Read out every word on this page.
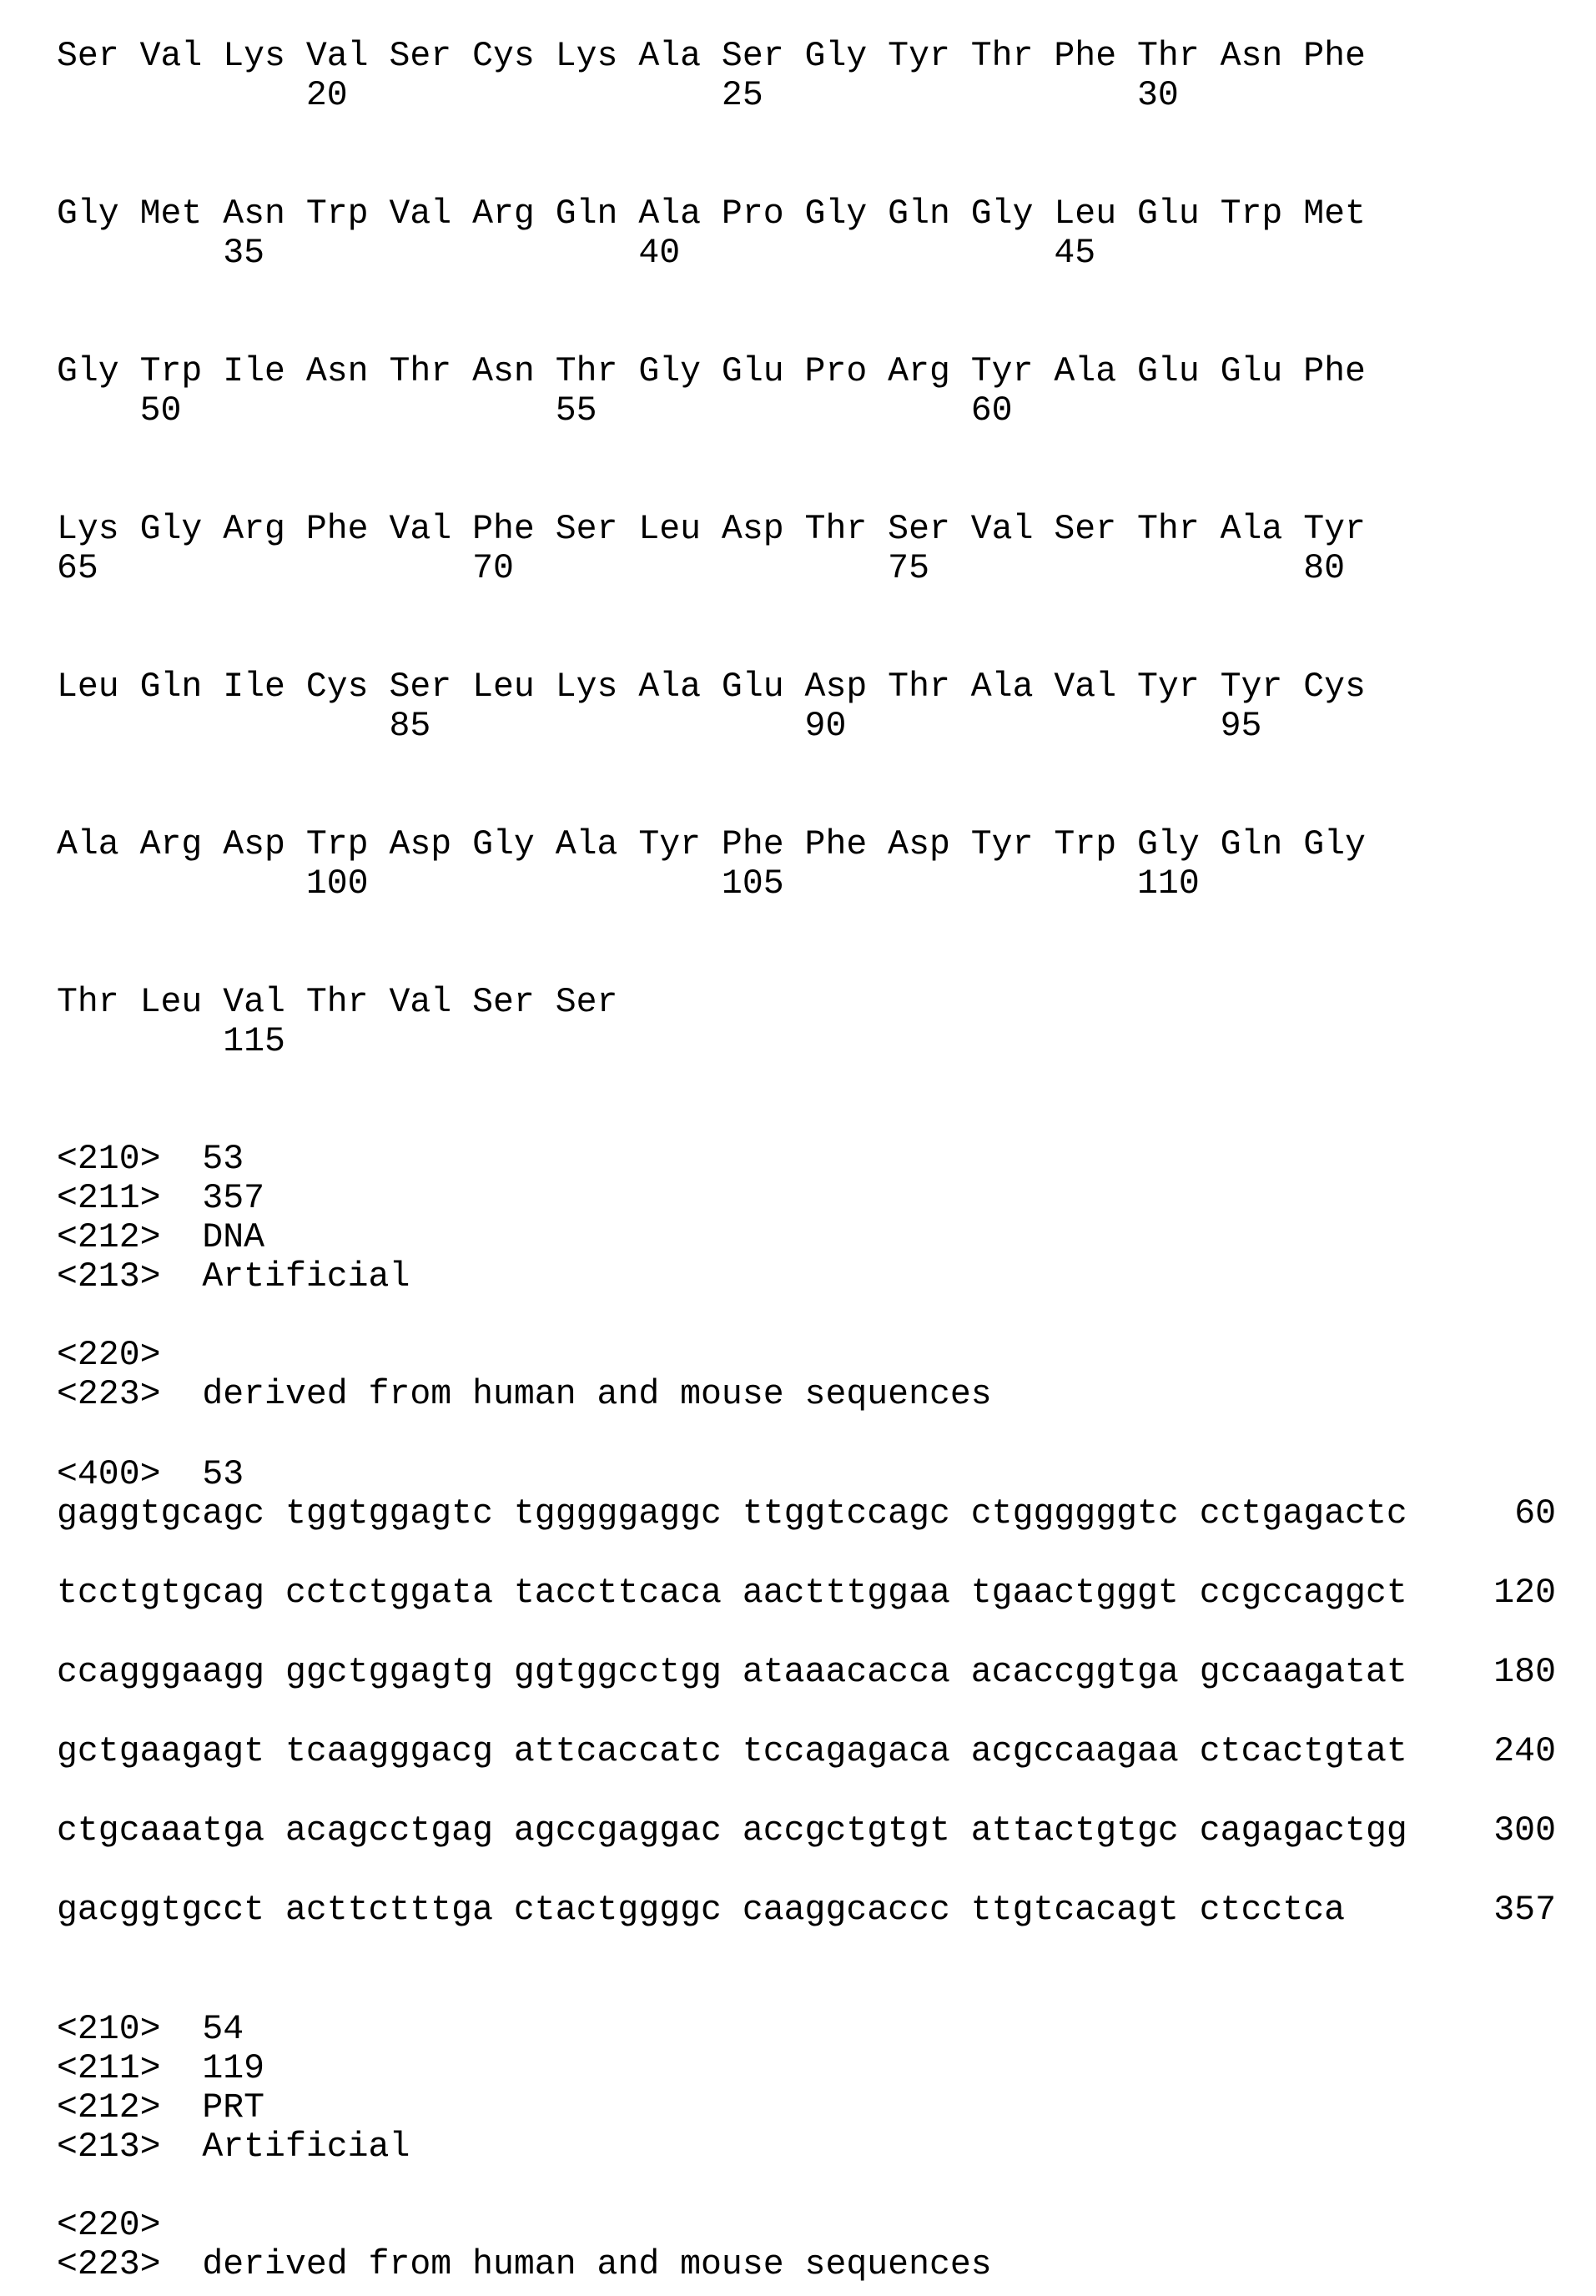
Ser Val Lys Val Ser Cys Lys Ala Ser Gly Tyr Thr Phe Thr Asn Phe
20                  25                  30
Gly Met Asn Trp Val Arg Gln Ala Pro Gly Gln Gly Leu Glu Trp Met
35                  40                  45
Gly Trp Ile Asn Thr Asn Thr Gly Glu Pro Arg Tyr Ala Glu Glu Phe
50                  55                  60
Lys Gly Arg Phe Val Phe Ser Leu Asp Thr Ser Val Ser Thr Ala Tyr
65                  70                  75                  80
Leu Gln Ile Cys Ser Leu Lys Ala Glu Asp Thr Ala Val Tyr Tyr Cys
85                  90                  95
Ala Arg Asp Trp Asp Gly Ala Tyr Phe Phe Asp Tyr Trp Gly Gln Gly
100                 105                 110
Thr Leu Val Thr Val Ser Ser
115
<210>  53
<211>  357
<212>  DNA
<213>  Artificial
<220>
<223>  derived from human and mouse sequences
<400>  53
gaggtgcagc tggtggagtc tgggggaggc ttggtccagc ctggggggtc cctgagactc	60
tcctgtgcag cctctggata taccttcaca aactttggaa tgaactgggt ccgccaggct 120
ccagggaagg ggctggagtg ggtggcctgg ataaacacca acaccggtga gccaagatat 180
gctgaagagt tcaagggacg attcaccatc tccagagaca acgccaagaa ctcactgtat 240
ctgcaaatga acagcctgag agccgaggac accgctgtgt attactgtgc cagagactgg 300
gacggtgcct acttctttga ctactggggc caaggcaccc ttgtcacagt ctcctca	357
<210>  54
<211>  119
<212>  PRT
<213>  Artificial
<220>
<223>  derived from human and mouse sequences
